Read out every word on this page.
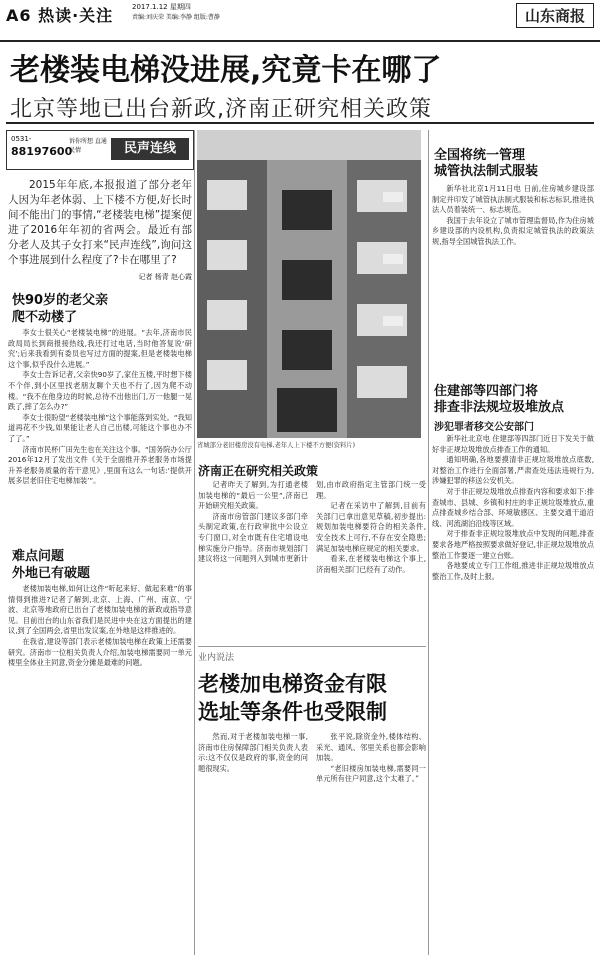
A6 热读·关注	2017.1.12 星期四
责编:刘庆荣 美编:李静 组版:曹静	山东商报
老楼装电梯没进展,究竟卡在哪了
北京等地已出台新政,济南正研究相关政策
0531-
88197600
诉你所想 直通民情	民声连线

2015年年底,本报报道了部分老年人因为年老体弱、上下楼不方便,好长时间不能出门的事情,“老楼装电梯”提案便进了2016年年初的省两会。最近有部分老人及其子女打来“民声连线”,询问这个事进展到什么程度了?卡在哪里了?

记者 杨青 赵心霞
快90岁的老父亲
爬不动楼了

李女士很关心“老楼装电梯”的进展。“去年,济南市民政局局长到商报接热线,我还打过电话,当时他答复说‘研究’;后来我看到有委员也写过方面的提案,但是老楼装电梯这个事,似乎没什么进展。”

李女士告诉记者,父亲快90岁了,家住五楼,平时想下楼不个伴,到小区里找老朋友聊个天也不行了,因为爬不动楼。“我不在他身边的时候,总待不出他出门,万一他腿一晃跌了,摔了怎么办?”

李女士很盼望“老楼装电梯”这个事能落到实处。“我知道再花不少钱,如果能让老人自己出楼,可能这个事也办不了了。”

济南市民杯广田先生也在关注这个事。“国务院办公厅2016年12月了发出文件《关于全面推开养老服务市场提升养老服务质量的若干意见》,里面有这么一句话:‘提供开展多层老旧住宅电梯加装’”。

难点问题
外地已有破题

老楼加装电梯,如何让这件“听起来好、做起来难”的事情得到推进?记者了解到,北京、上海、广州、南京、宁波、北京等地政府已出台了老楼加装电梯的新政或指导意见。目前出台的山东省我们是民进中央在这方面提出的建议,到了全国两会,省里出发议案,在外地是这样推进的。

在我省,建设等部门表示老楼加装电梯在政策上还需要研究。济南市一位相关负责人介绍,加装电梯需要同一单元楼里全体业主同意,资金分摊是最难的问题。

省城部分老旧楼房没有电梯,老年人上下楼不方便(资料片)
济南正在研究相关政策

记者昨天了解到,为打通老楼加装电梯的“最后一公里”,济南已开始研究相关政策。

济南市房管部门建议多部门牵头制定政策,在行政审批中公设立专门窗口,对全市既有住宅增设电梯实施分户指导。济南市规划部门建议将这一问题列入到城市更新计划,由市政府指定主管部门统一受理。

记者在采访中了解到,目前有关部门已拿出意见草稿,初步提出:规划加装电梯要符合的相关条件,安全技术上可行,不存在安全隐患;满足加装电梯应规定的相关要求。

看来,在老楼装电梯这个事上,济南相关部门已经有了动作。

业内说法
老楼加电梯资金有限
选址等条件也受限制

然而,对于老楼加装电梯一事,济南市住房保障部门相关负责人表示:这不仅仅是政府的事,资金的问题很现实。

张平说,除资金外,楼体结构、采光、通风、邻里关系也都会影响加装。

“老旧楼房加装电梯,需要同一单元所有住户同意,这个太难了。”

全国将统一管理
城管执法制式服装

新华社北京1月11日电 日前,住房城乡建设部制定并印发了城管执法制式服装和标志标识,推进执法人员着装统一、标志规范。

我国于去年设立了城市管理监督局,作为住房城乡建设部的内设机构,负责拟定城管执法的政策法规,指导全国城管执法工作。

住建部等四部门将
排查非法规垃圾堆放点
涉犯罪者移交公安部门

新华社北京电 住建部等四部门近日下发关于做好非正规垃圾堆放点排查工作的通知。

通知明确,各地要摸清非正规垃圾堆放点底数,对整治工作进行全面部署,严肃查处违法违规行为,涉嫌犯罪的移送公安机关。

对于非正规垃圾堆放点排查内容和要求如下:排查城市、县城、乡镇和村庄的非正规垃圾堆放点,重点排查城乡结合部、环境敏感区、主要交通干道沿线、河流湖泊沿线等区域。

对于排查非正规垃圾堆放点中发现的问题,排查要求各地严格按照要求做好登记,非正规垃圾堆放点整治工作要逐一建立台账。

各地要成立专门工作组,推进非正规垃圾堆放点整治工作,及时上报。
